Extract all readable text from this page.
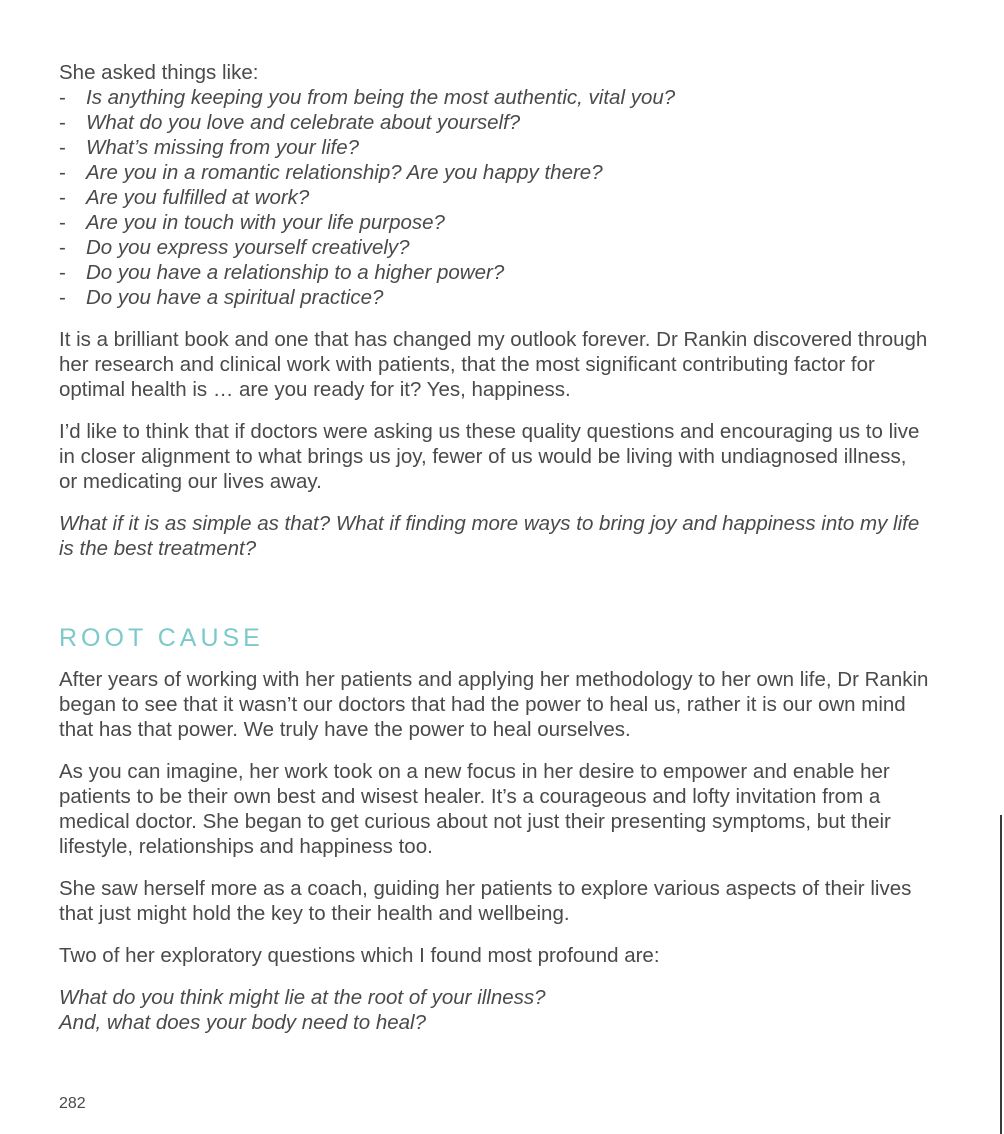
She asked things like:

- Is anything keeping you from being the most authentic, vital you?
- What do you love and celebrate about yourself?
- What’s missing from your life?
- Are you in a romantic relationship? Are you happy there?
- Are you fulfilled at work?
- Are you in touch with your life purpose?
- Do you express yourself creatively?
- Do you have a relationship to a higher power?
- Do you have a spiritual practice?

It is a brilliant book and one that has changed my outlook forever. Dr Rankin discovered through her research and clinical work with patients, that the most significant contributing factor for optimal health is … are you ready for it? Yes, happiness.

I’d like to think that if doctors were asking us these quality questions and encouraging us to live in closer alignment to what brings us joy, fewer of us would be living with undiagnosed illness, or medicating our lives away.

What if it is as simple as that? What if finding more ways to bring joy and happiness into my life is the best treatment?

ROOT CAUSE

After years of working with her patients and applying her methodology to her own life, Dr Rankin began to see that it wasn’t our doctors that had the power to heal us, rather it is our own mind that has that power. We truly have the power to heal ourselves.

As you can imagine, her work took on a new focus in her desire to empower and enable her patients to be their own best and wisest healer. It’s a courageous and lofty invitation from a medical doctor. She began to get curious about not just their presenting symptoms, but their lifestyle, relationships and happiness too.

She saw herself more as a coach, guiding her patients to explore various aspects of their lives that just might hold the key to their health and wellbeing.

Two of her exploratory questions which I found most profound are:

What do you think might lie at the root of your illness?

And, what does your body need to heal?

282
